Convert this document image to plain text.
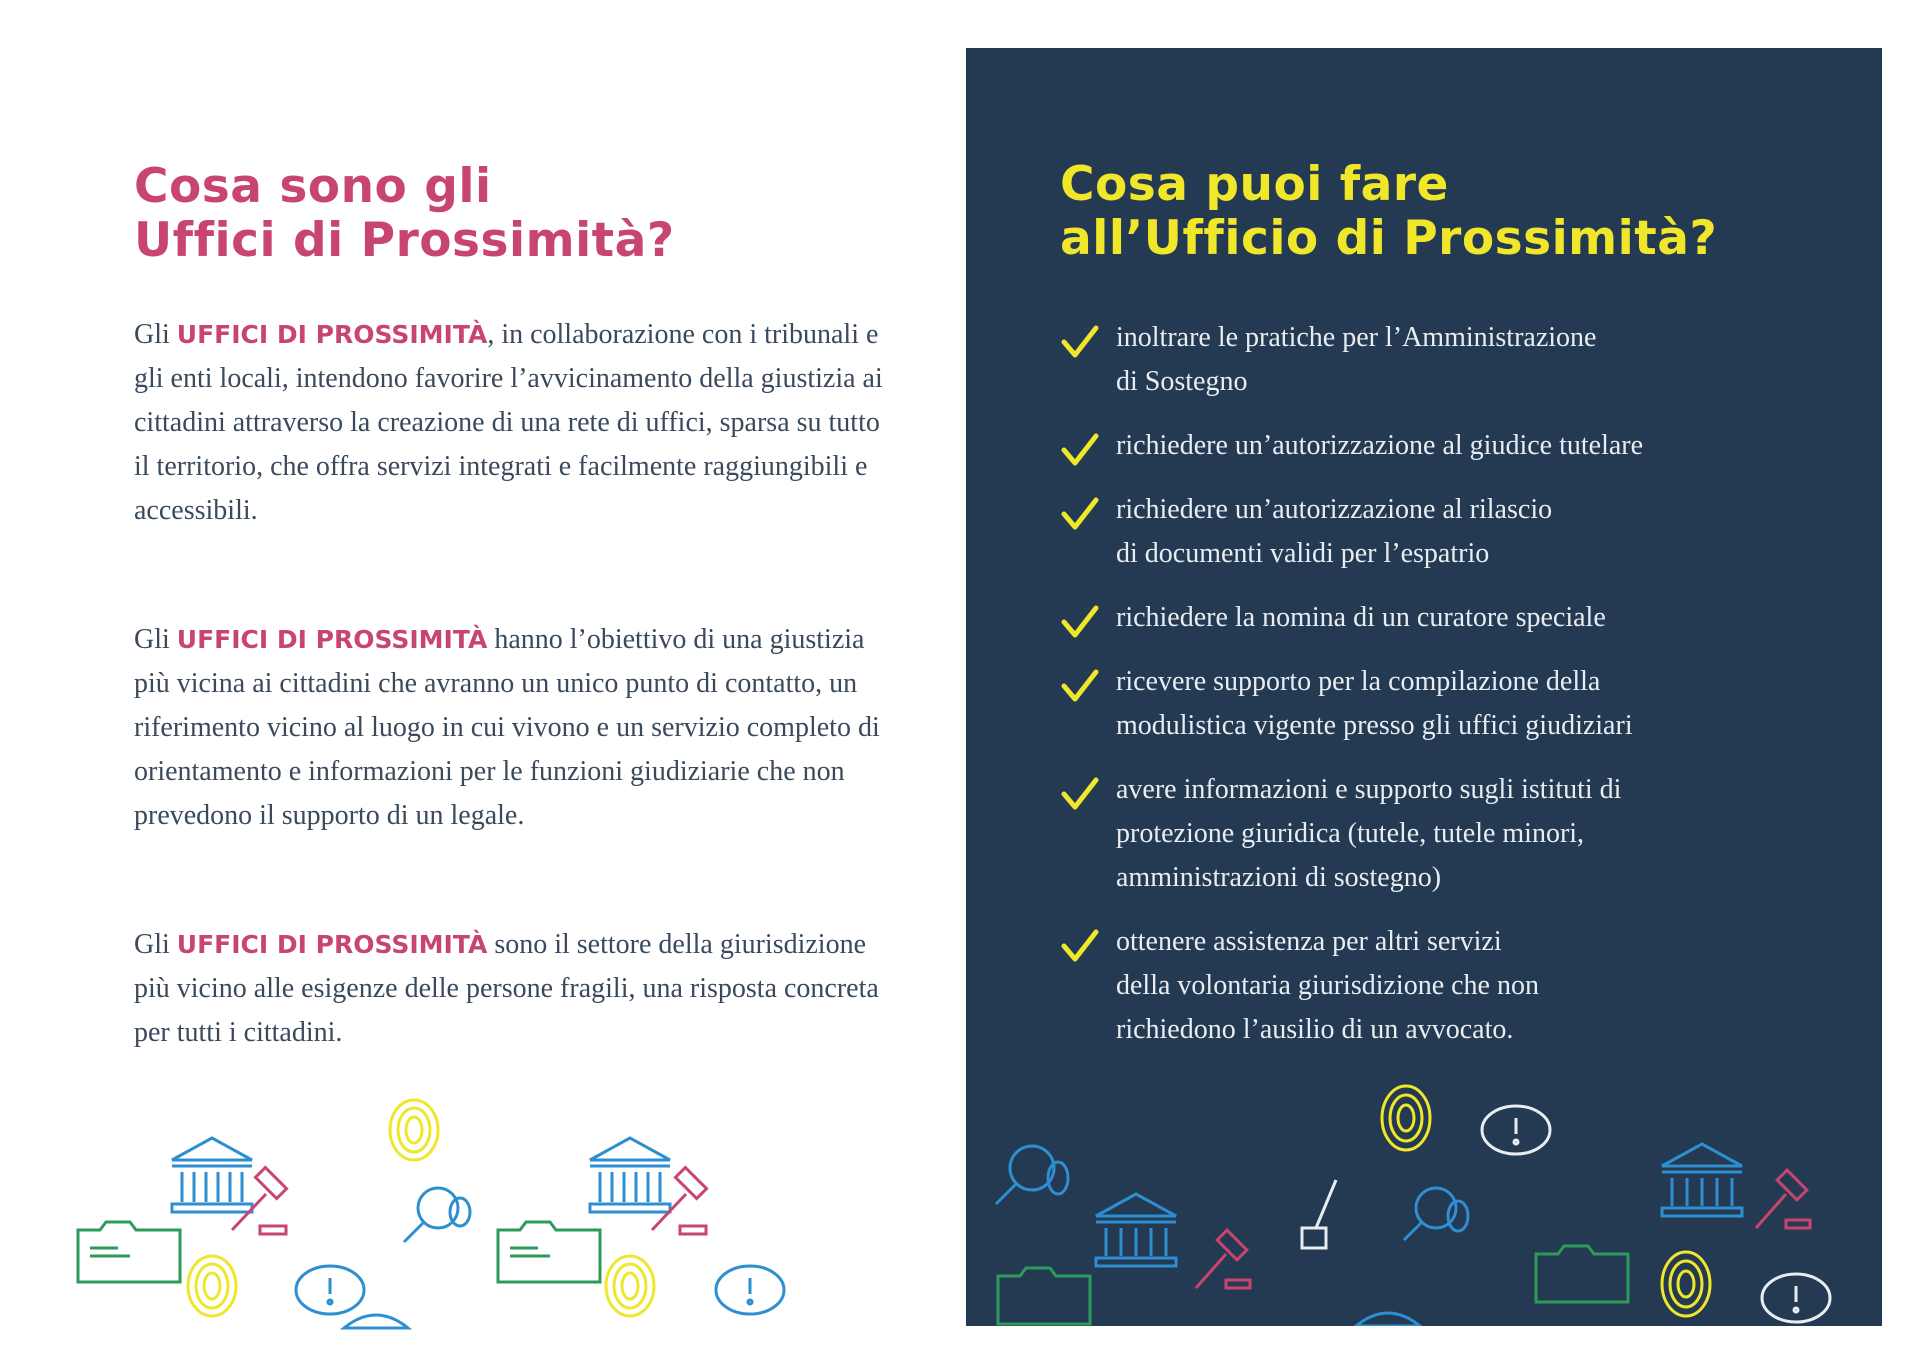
Cosa sono gli
Uffici di Prossimità?

Gli UFFICI DI PROSSIMITÀ, in collaborazione con i tribunali e gli enti locali, intendono favorire l’avvicinamento della giustizia ai cittadini attraverso la creazione di una rete di uffici, sparsa su tutto il territorio, che offra servizi integrati e facilmente raggiungibili e accessibili.

Gli UFFICI DI PROSSIMITÀ hanno l’obiettivo di una giustizia più vicina ai cittadini che avranno un unico punto di contatto, un riferimento vicino al luogo in cui vivono e un servizio completo di orientamento e informazioni per le funzioni giudiziarie che non prevedono il supporto di un legale.

Gli UFFICI DI PROSSIMITÀ sono il settore della giurisdizione più vicino alle esigenze delle persone fragili, una risposta concreta per tutti i cittadini.

Cosa puoi fare
all’Ufficio di Prossimità?
inoltrare le pratiche per l’Amministrazione
di Sostegno
richiedere un’autorizzazione al giudice tutelare
richiedere un’autorizzazione al rilascio
di documenti validi per l’espatrio
richiedere la nomina di un curatore speciale
ricevere supporto per la compilazione della
modulistica vigente presso gli uffici giudiziari
avere informazioni e supporto sugli istituti di
protezione giuridica (tutele, tutele minori,
amministrazioni di sostegno)
ottenere assistenza per altri servizi
della volontaria giurisdizione che non
richiedono l’ausilio di un avvocato.
